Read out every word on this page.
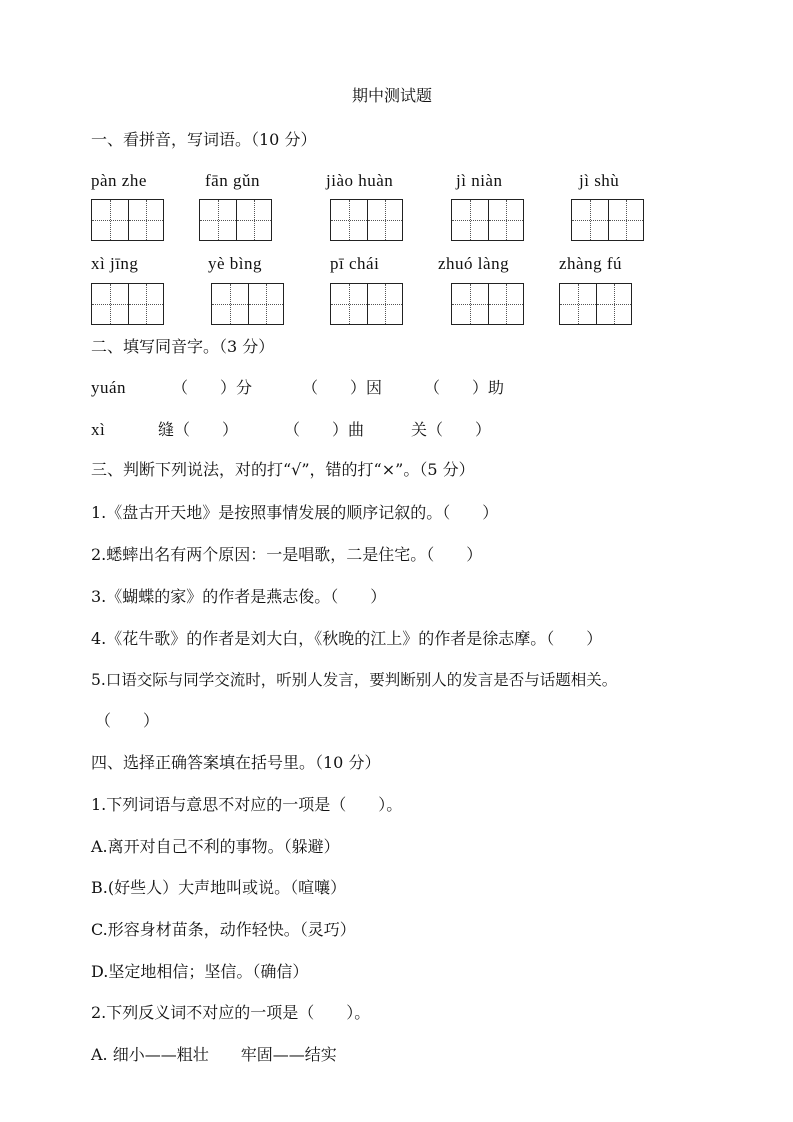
期中测试题
一、看拼音，写词语。（10 分）
pàn zhe	fān gǔn	jiào huàn	jì niàn	jì shù
xì jīng	yè bìng	pī chái	zhuó làng	zhàng fú
二、填写同音字。（3 分）
yuán	（　　）分	（　　）因	（　　）助
xì	缝（　　）	（　　）曲	关（　　）
三、判断下列说法，对的打“√”，错的打“×”。（5 分）
1.《盘古开天地》是按照事情发展的顺序记叙的。（　　）
2.蟋蟀出名有两个原因：一是唱歌，二是住宅。（　　）
3.《蝴蝶的家》的作者是燕志俊。（　　）
4.《花牛歌》的作者是刘大白，《秋晚的江上》的作者是徐志摩。（　　）
5.口语交际与同学交流时，听别人发言，要判断别人的发言是否与话题相关。
（　　）
四、选择正确答案填在括号里。（10 分）
1.下列词语与意思不对应的一项是（　　）。
A.离开对自己不利的事物。（躲避）
B.(好些人）大声地叫或说。（喧嚷）
C.形容身材苗条，动作轻快。（灵巧）
D.坚定地相信；坚信。（确信）
2.下列反义词不对应的一项是（　　）。
A. 细小——粗壮　　牢固——结实
